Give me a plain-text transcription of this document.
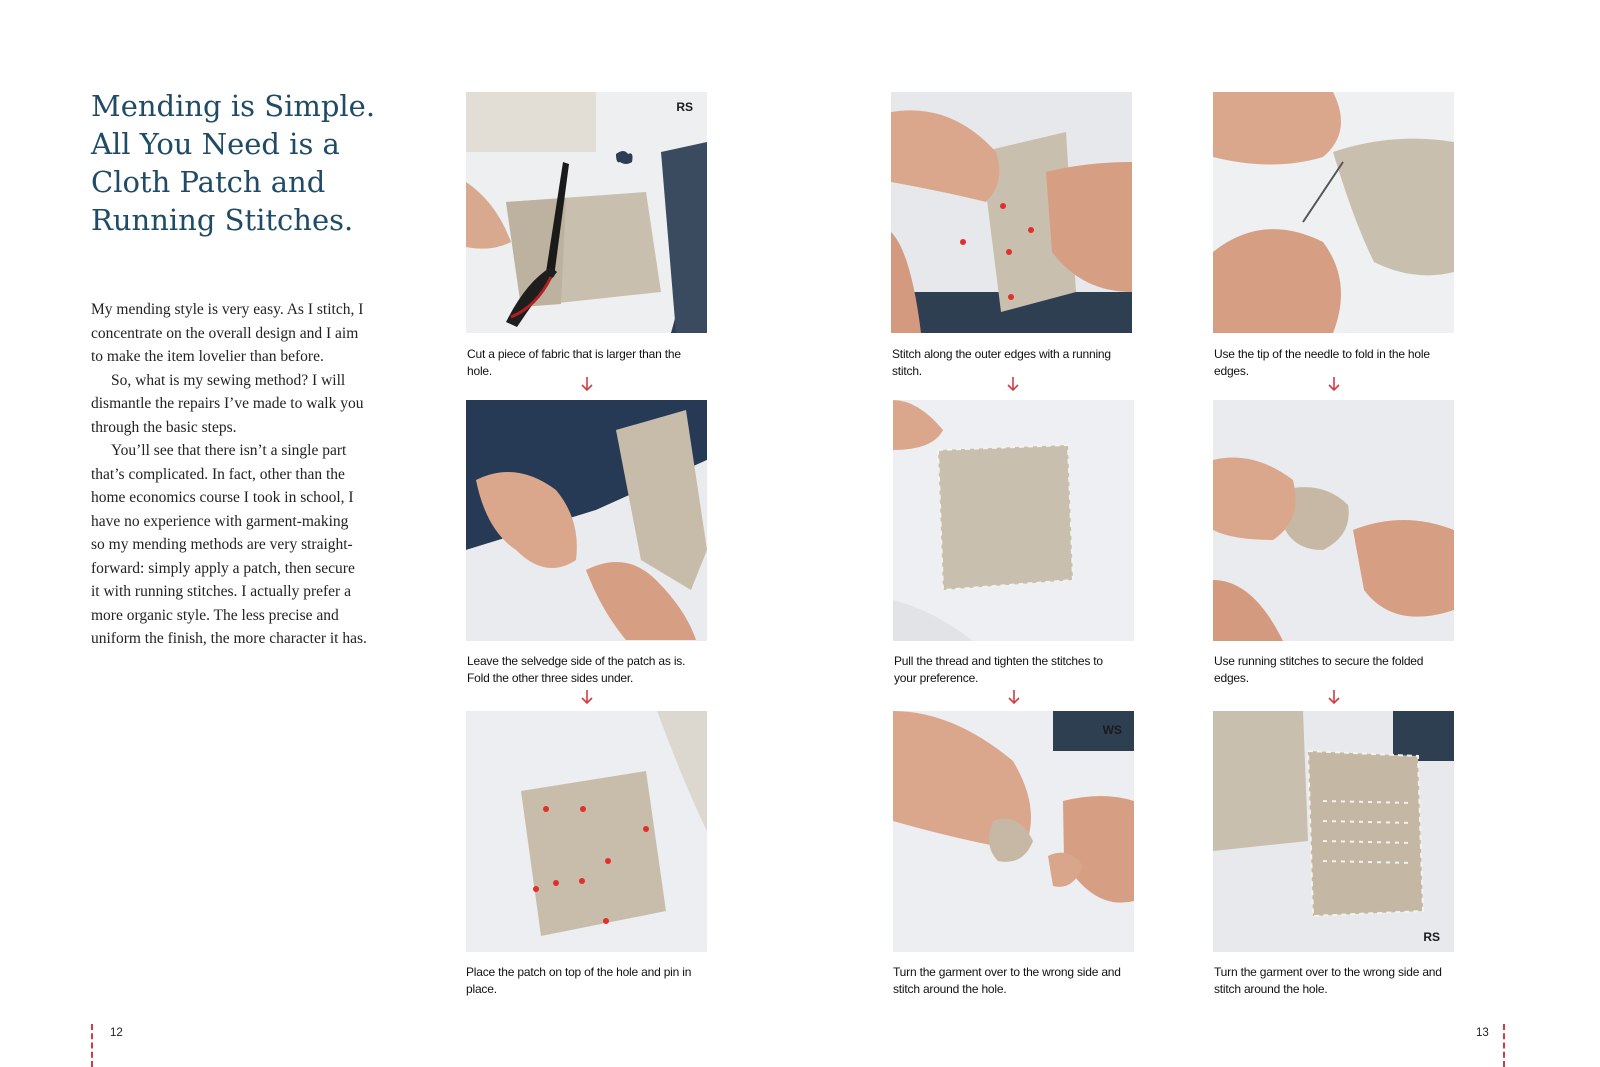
Mending is Simple.
All You Need is a
Cloth Patch and
Running Stitches.
My mending style is very easy. As I stitch, I
concentrate on the overall design and I aim
to make the item lovelier than before.
So, what is my sewing method? I will
dismantle the repairs I’ve made to walk you
through the basic steps.
You’ll see that there isn’t a single part
that’s complicated. In fact, other than the
home economics course I took in school, I
have no experience with garment-making
so my mending methods are very straight-
forward: simply apply a patch, then secure
it with running stitches. I actually prefer a
more organic style. The less precise and
uniform the finish, the more character it has.
RS
Cut a piece of fabric that is larger than the
hole.
Leave the selvedge side of the patch as is.
Fold the other three sides under.
Place the patch on top of the hole and pin in
place.
Stitch along the outer edges with a running
stitch.
Pull the thread and tighten the stitches to
your preference.
WS
Turn the garment over to the wrong side and
stitch around the hole.
Use the tip of the needle to fold in the hole
edges.
Use running stitches to secure the folded
edges.
RS
Turn the garment over to the wrong side and
stitch around the hole.
12	13
